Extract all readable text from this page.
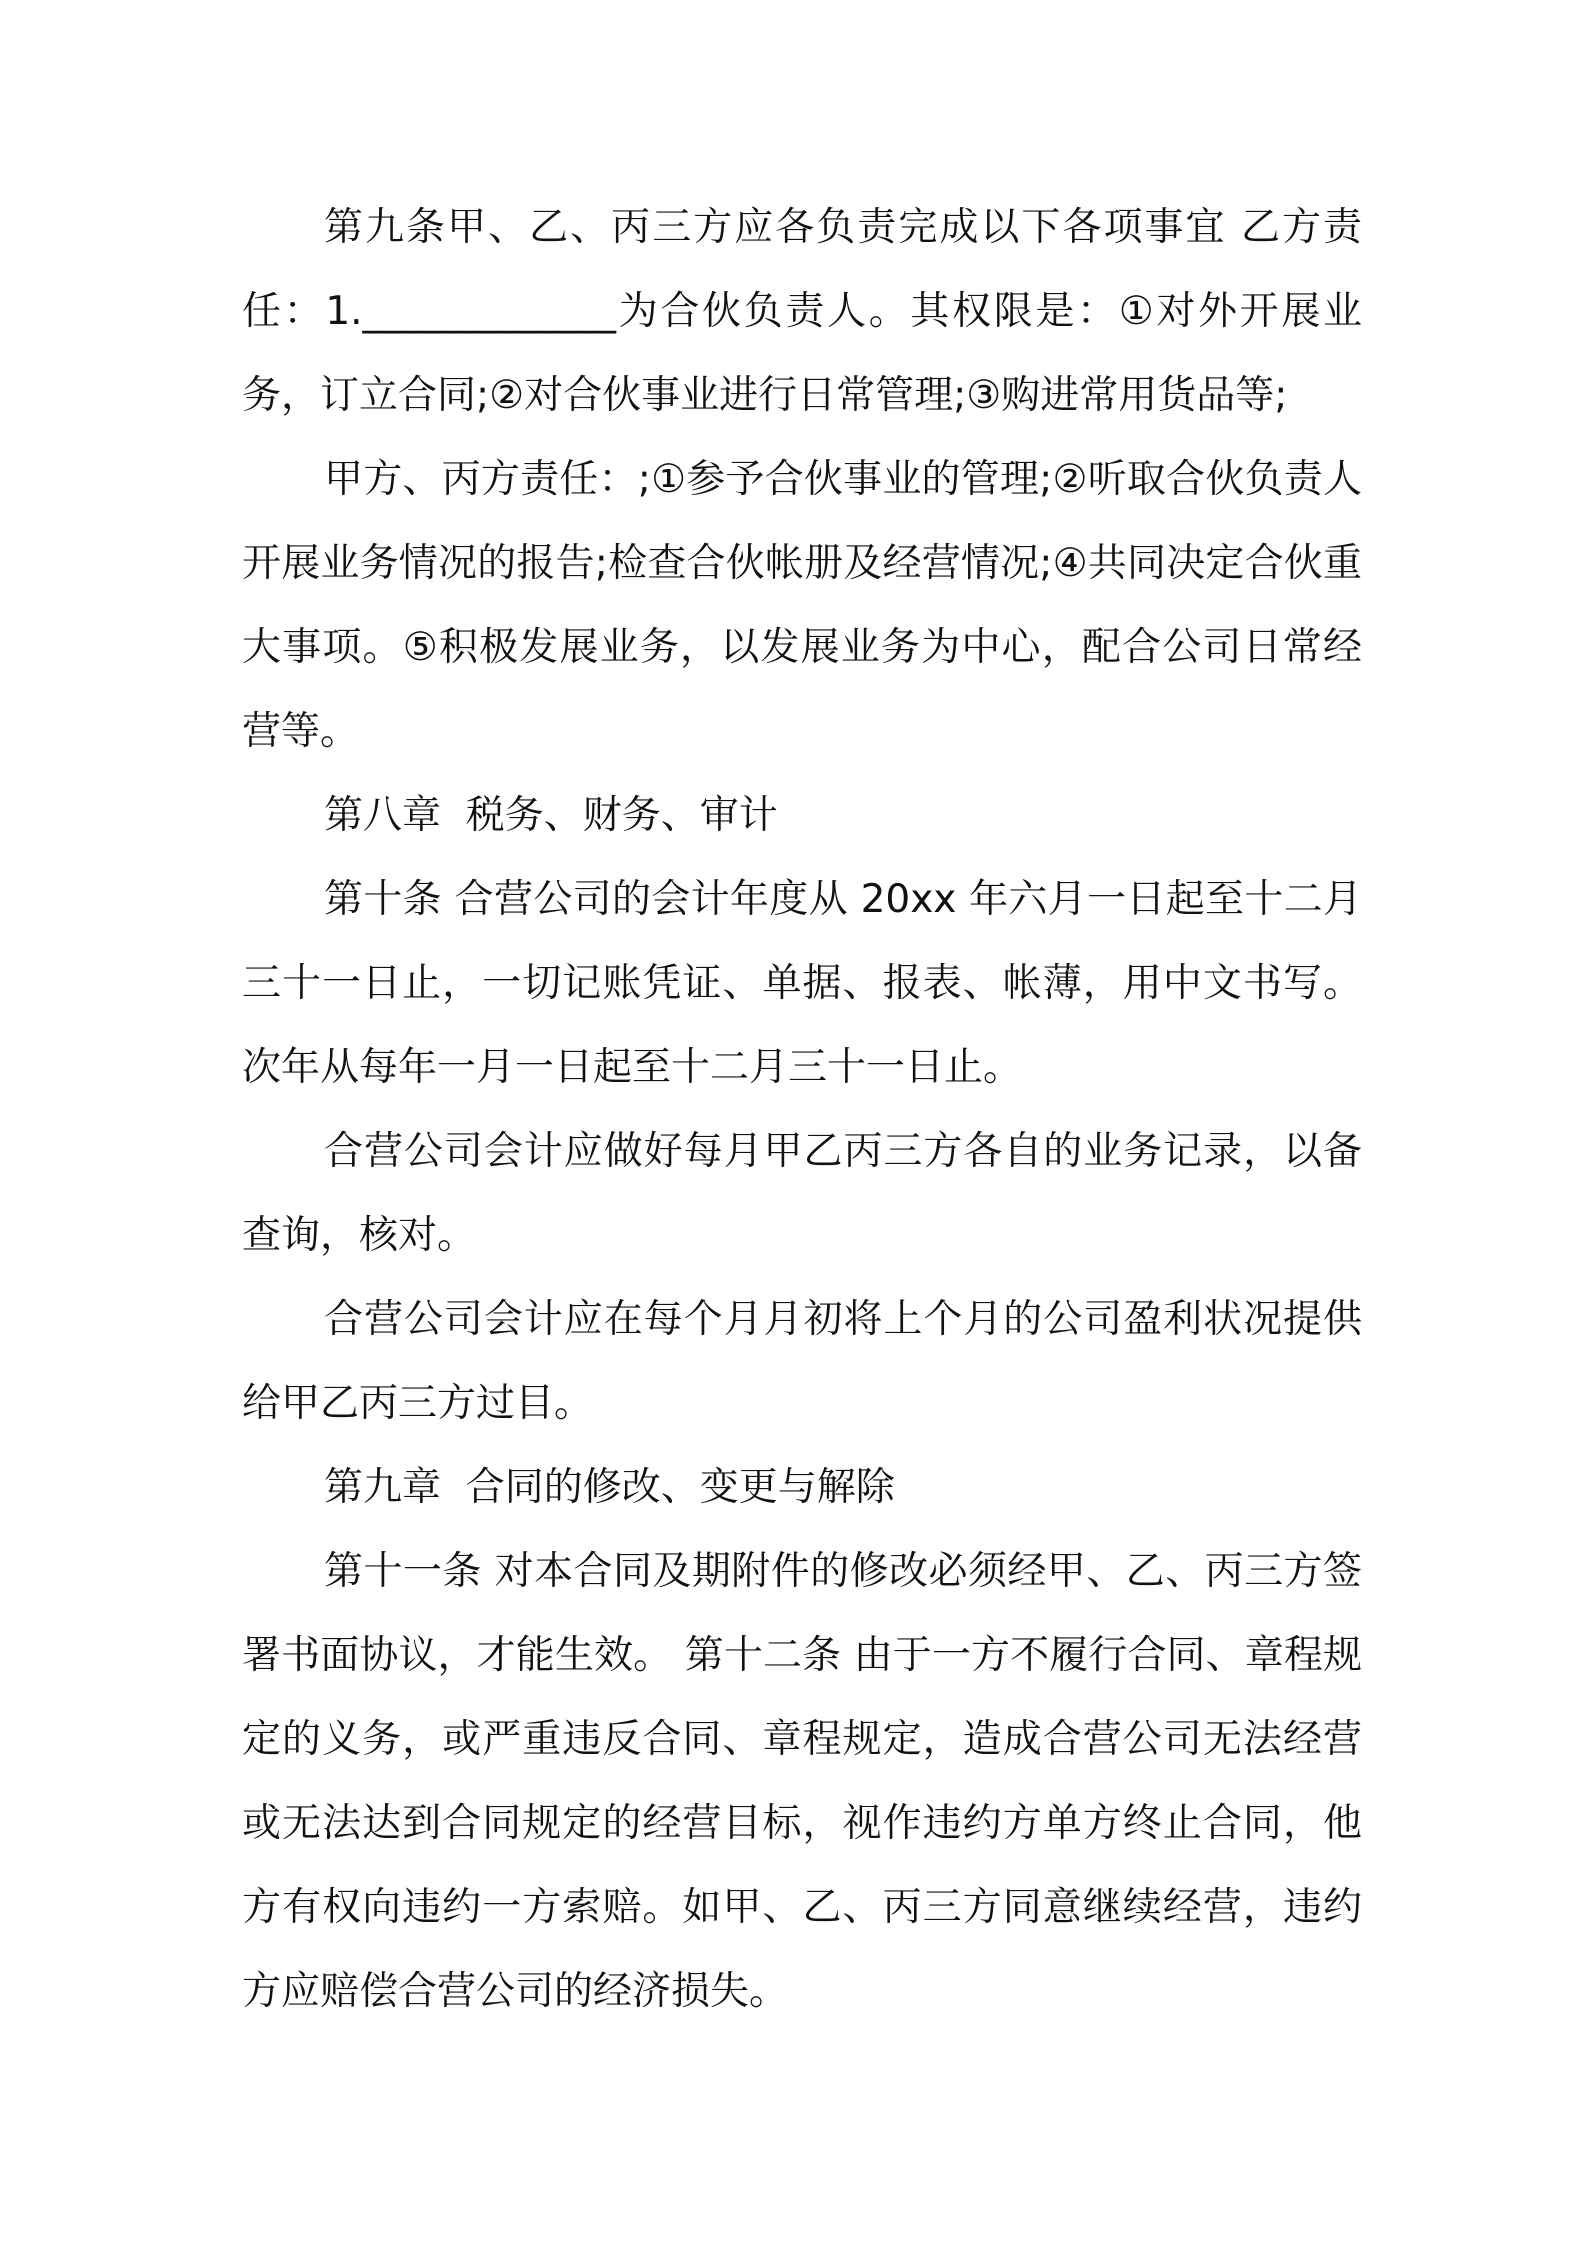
第九条甲、乙、丙三方应各负责完成以下各项事宜 乙方责任：1._____________为合伙负责人。其权限是：①对外开展业务，订立合同;②对合伙事业进行日常管理;③购进常用货品等;

甲方、丙方责任：;①参予合伙事业的管理;②听取合伙负责人开展业务情况的报告;检查合伙帐册及经营情况;④共同决定合伙重大事项。⑤积极发展业务，以发展业务为中心，配合公司日常经营等。

第八章  税务、财务、审计

第十条 合营公司的会计年度从 20xx 年六月一日起至十二月三十一日止，一切记账凭证、单据、报表、帐薄，用中文书写。次年从每年一月一日起至十二月三十一日止。

合营公司会计应做好每月甲乙丙三方各自的业务记录，以备查询，核对。

合营公司会计应在每个月月初将上个月的公司盈利状况提供给甲乙丙三方过目。

第九章  合同的修改、变更与解除

第十一条 对本合同及期附件的修改必须经甲、乙、丙三方签署书面协议，才能生效。 第十二条 由于一方不履行合同、章程规定的义务，或严重违反合同、章程规定，造成合营公司无法经营或无法达到合同规定的经营目标，视作违约方单方终止合同，他方有权向违约一方索赔。如甲、乙、丙三方同意继续经营，违约方应赔偿合营公司的经济损失。
